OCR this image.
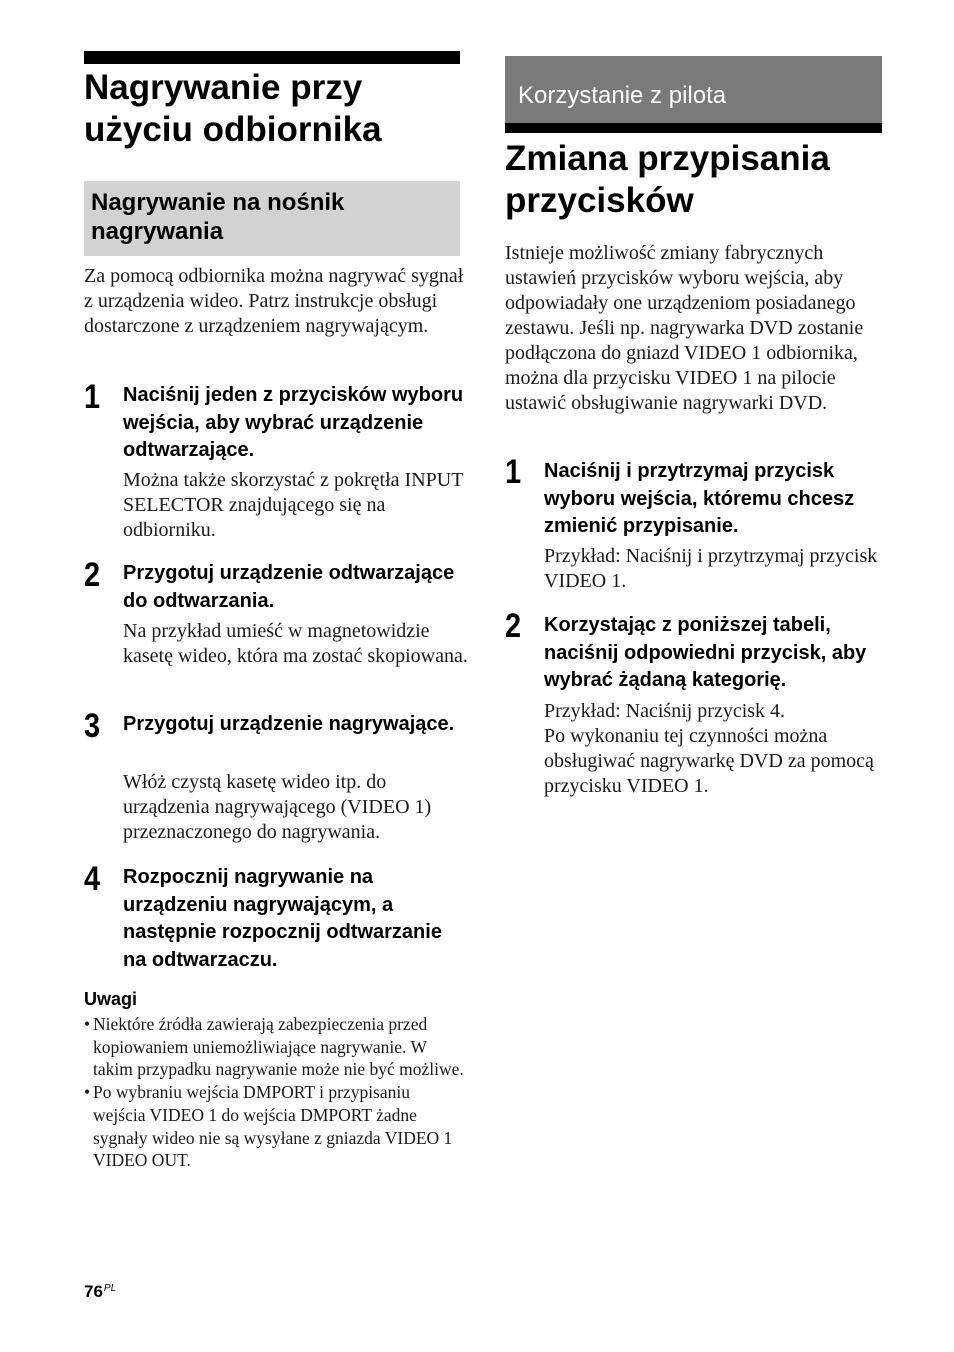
Nagrywanie przy użyciu odbiornika
Nagrywanie na nośnik nagrywania
Za pomocą odbiornika można nagrywać sygnał z urządzenia wideo. Patrz instrukcje obsługi dostarczone z urządzeniem nagrywającym.
1 Naciśnij jeden z przycisków wyboru wejścia, aby wybrać urządzenie odtwarzające.
Można także skorzystać z pokrętła INPUT SELECTOR znajdującego się na odbiorniku.
2 Przygotuj urządzenie odtwarzające do odtwarzania.
Na przykład umieść w magnetowidzie kasetę wideo, która ma zostać skopiowana.
3 Przygotuj urządzenie nagrywające.
Włóż czystą kasetę wideo itp. do urządzenia nagrywającego (VIDEO 1) przeznaczonego do nagrywania.
4 Rozpocznij nagrywanie na urządzeniu nagrywającym, a następnie rozpocznij odtwarzanie na odtwarzaczu.
Uwagi
• Niektóre źródła zawierają zabezpieczenia przed kopiowaniem uniemożliwiające nagrywanie. W takim przypadku nagrywanie może nie być możliwe.
• Po wybraniu wejścia DMPORT i przypisaniu wejścia VIDEO 1 do wejścia DMPORT żadne sygnały wideo nie są wysyłane z gniazda VIDEO 1 VIDEO OUT.
Korzystanie z pilota
Zmiana przypisania przycisków
Istnieje możliwość zmiany fabrycznych ustawień przycisków wyboru wejścia, aby odpowiadały one urządzeniom posiadanego zestawu. Jeśli np. nagrywarka DVD zostanie podłączona do gniazd VIDEO 1 odbiornika, można dla przycisku VIDEO 1 na pilocie ustawić obsługiwanie nagrywarki DVD.
1 Naciśnij i przytrzymaj przycisk wyboru wejścia, któremu chcesz zmienić przypisanie.
Przykład: Naciśnij i przytrzymaj przycisk VIDEO 1.
2 Korzystając z poniższej tabeli, naciśnij odpowiedni przycisk, aby wybrać żądaną kategorię.
Przykład: Naciśnij przycisk 4.
Po wykonaniu tej czynności można obsługiwać nagrywarkę DVD za pomocą przycisku VIDEO 1.
$76^{PL}$
